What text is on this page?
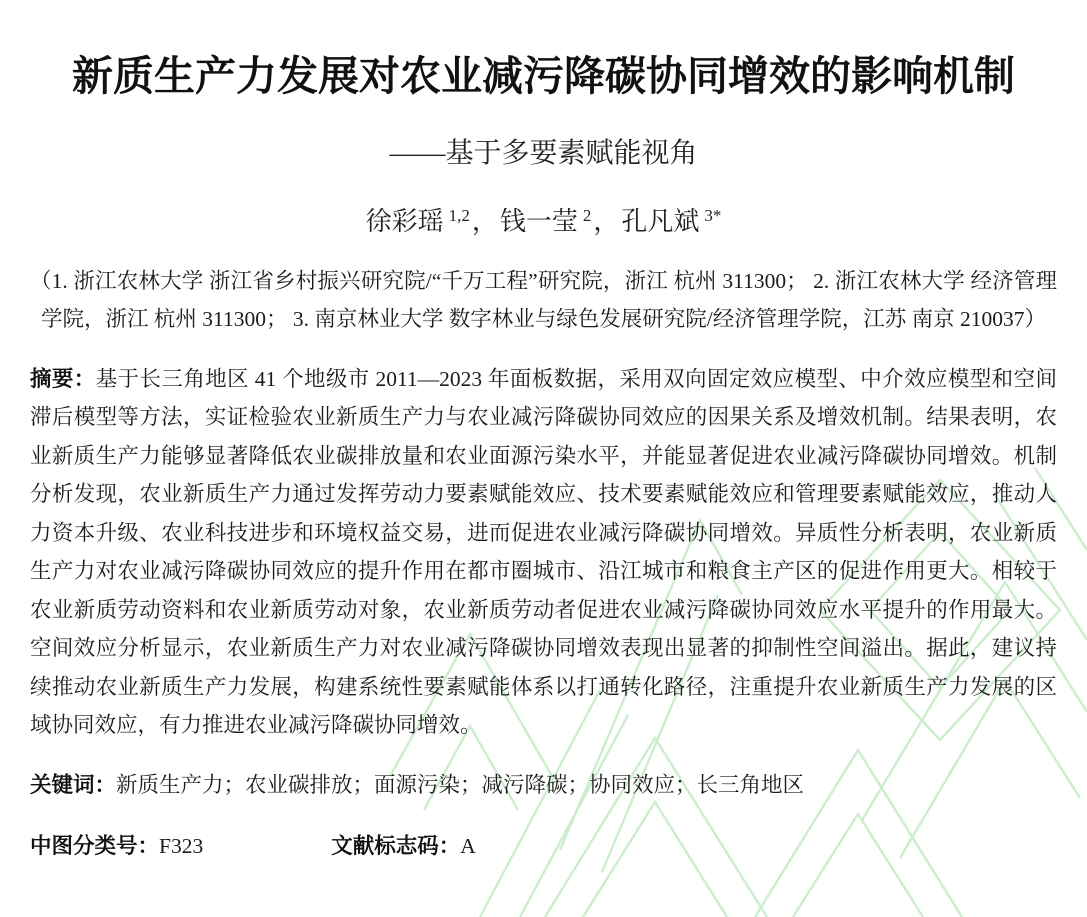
新质生产力发展对农业减污降碳协同增效的影响机制
——基于多要素赋能视角
徐彩瑶 $^{1,2}$，钱一莹 $^2$，孔凡斌 $^{3*}$

（1. 浙江农林大学 浙江省乡村振兴研究院/“千万工程”研究院，浙江 杭州 311300； 2. 浙江农林大学 经济管理学院，浙江 杭州 311300； 3. 南京林业大学 数字林业与绿色发展研究院/经济管理学院，江苏 南京 210037）

摘要：基于长三角地区 41 个地级市 2011—2023 年面板数据，采用双向固定效应模型、中介效应模型和空间滞后模型等方法，实证检验农业新质生产力与农业减污降碳协同效应的因果关系及增效机制。结果表明，农业新质生产力能够显著降低农业碳排放量和农业面源污染水平，并能显著促进农业减污降碳协同增效。机制分析发现，农业新质生产力通过发挥劳动力要素赋能效应、技术要素赋能效应和管理要素赋能效应，推动人力资本升级、农业科技进步和环境权益交易，进而促进农业减污降碳协同增效。异质性分析表明，农业新质生产力对农业减污降碳协同效应的提升作用在都市圈城市、沿江城市和粮食主产区的促进作用更大。相较于农业新质劳动资料和农业新质劳动对象，农业新质劳动者促进农业减污降碳协同效应水平提升的作用最大。空间效应分析显示，农业新质生产力对农业减污降碳协同增效表现出显著的抑制性空间溢出。据此，建议持续推动农业新质生产力发展，构建系统性要素赋能体系以打通转化路径，注重提升农业新质生产力发展的区域协同效应，有力推进农业减污降碳协同增效。

关键词：新质生产力；农业碳排放；面源污染；减污降碳；协同效应；长三角地区

中图分类号：F323	文献标志码：A
